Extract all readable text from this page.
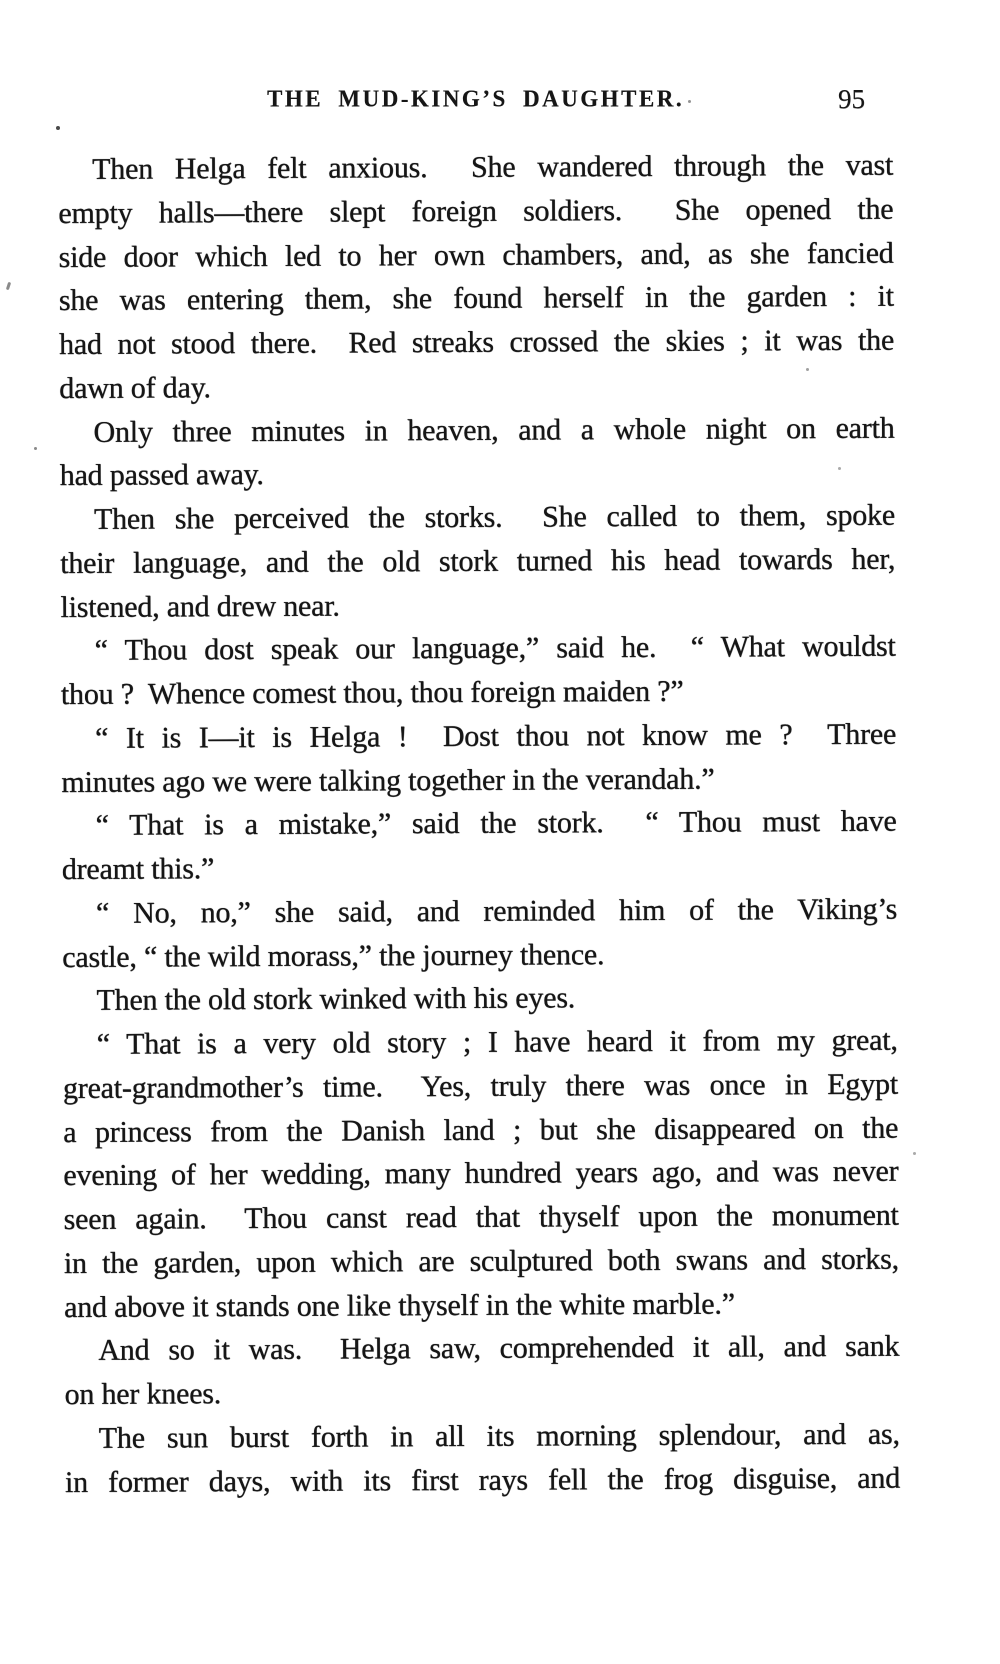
THE MUD-KING’S DAUGHTER.	95
Then Helga felt anxious.  She wandered through the vast
empty halls—there slept foreign soldiers.  She opened the
side door which led to her own chambers, and, as she fancied
she was entering them, she found herself in the garden : it
had not stood there.  Red streaks crossed the skies ; it was the
dawn of day.
Only three minutes in heaven, and a whole night on earth
had passed away.
Then she perceived the storks.  She called to them, spoke
their language, and the old stork turned his head towards her,
listened, and drew near.
“ Thou dost speak our language,” said he.  “ What wouldst
thou ?  Whence comest thou, thou foreign maiden ?”
“ It is I—it is Helga !  Dost thou not know me ?  Three
minutes ago we were talking together in the verandah.”
“ That is a mistake,” said the stork.  “ Thou must have
dreamt this.”
“ No, no,” she said, and reminded him of the Viking’s
castle, “ the wild morass,” the journey thence.
Then the old stork winked with his eyes.
“ That is a very old story ; I have heard it from my great,
great-grandmother’s time.  Yes, truly there was once in Egypt
a princess from the Danish land ; but she disappeared on the
evening of her wedding, many hundred years ago, and was never
seen again.  Thou canst read that thyself upon the monument
in the garden, upon which are sculptured both swans and storks,
and above it stands one like thyself in the white marble.”
And so it was.  Helga saw, comprehended it all, and sank
on her knees.
The sun burst forth in all its morning splendour, and as,
in former days, with its first rays fell the frog disguise, and
